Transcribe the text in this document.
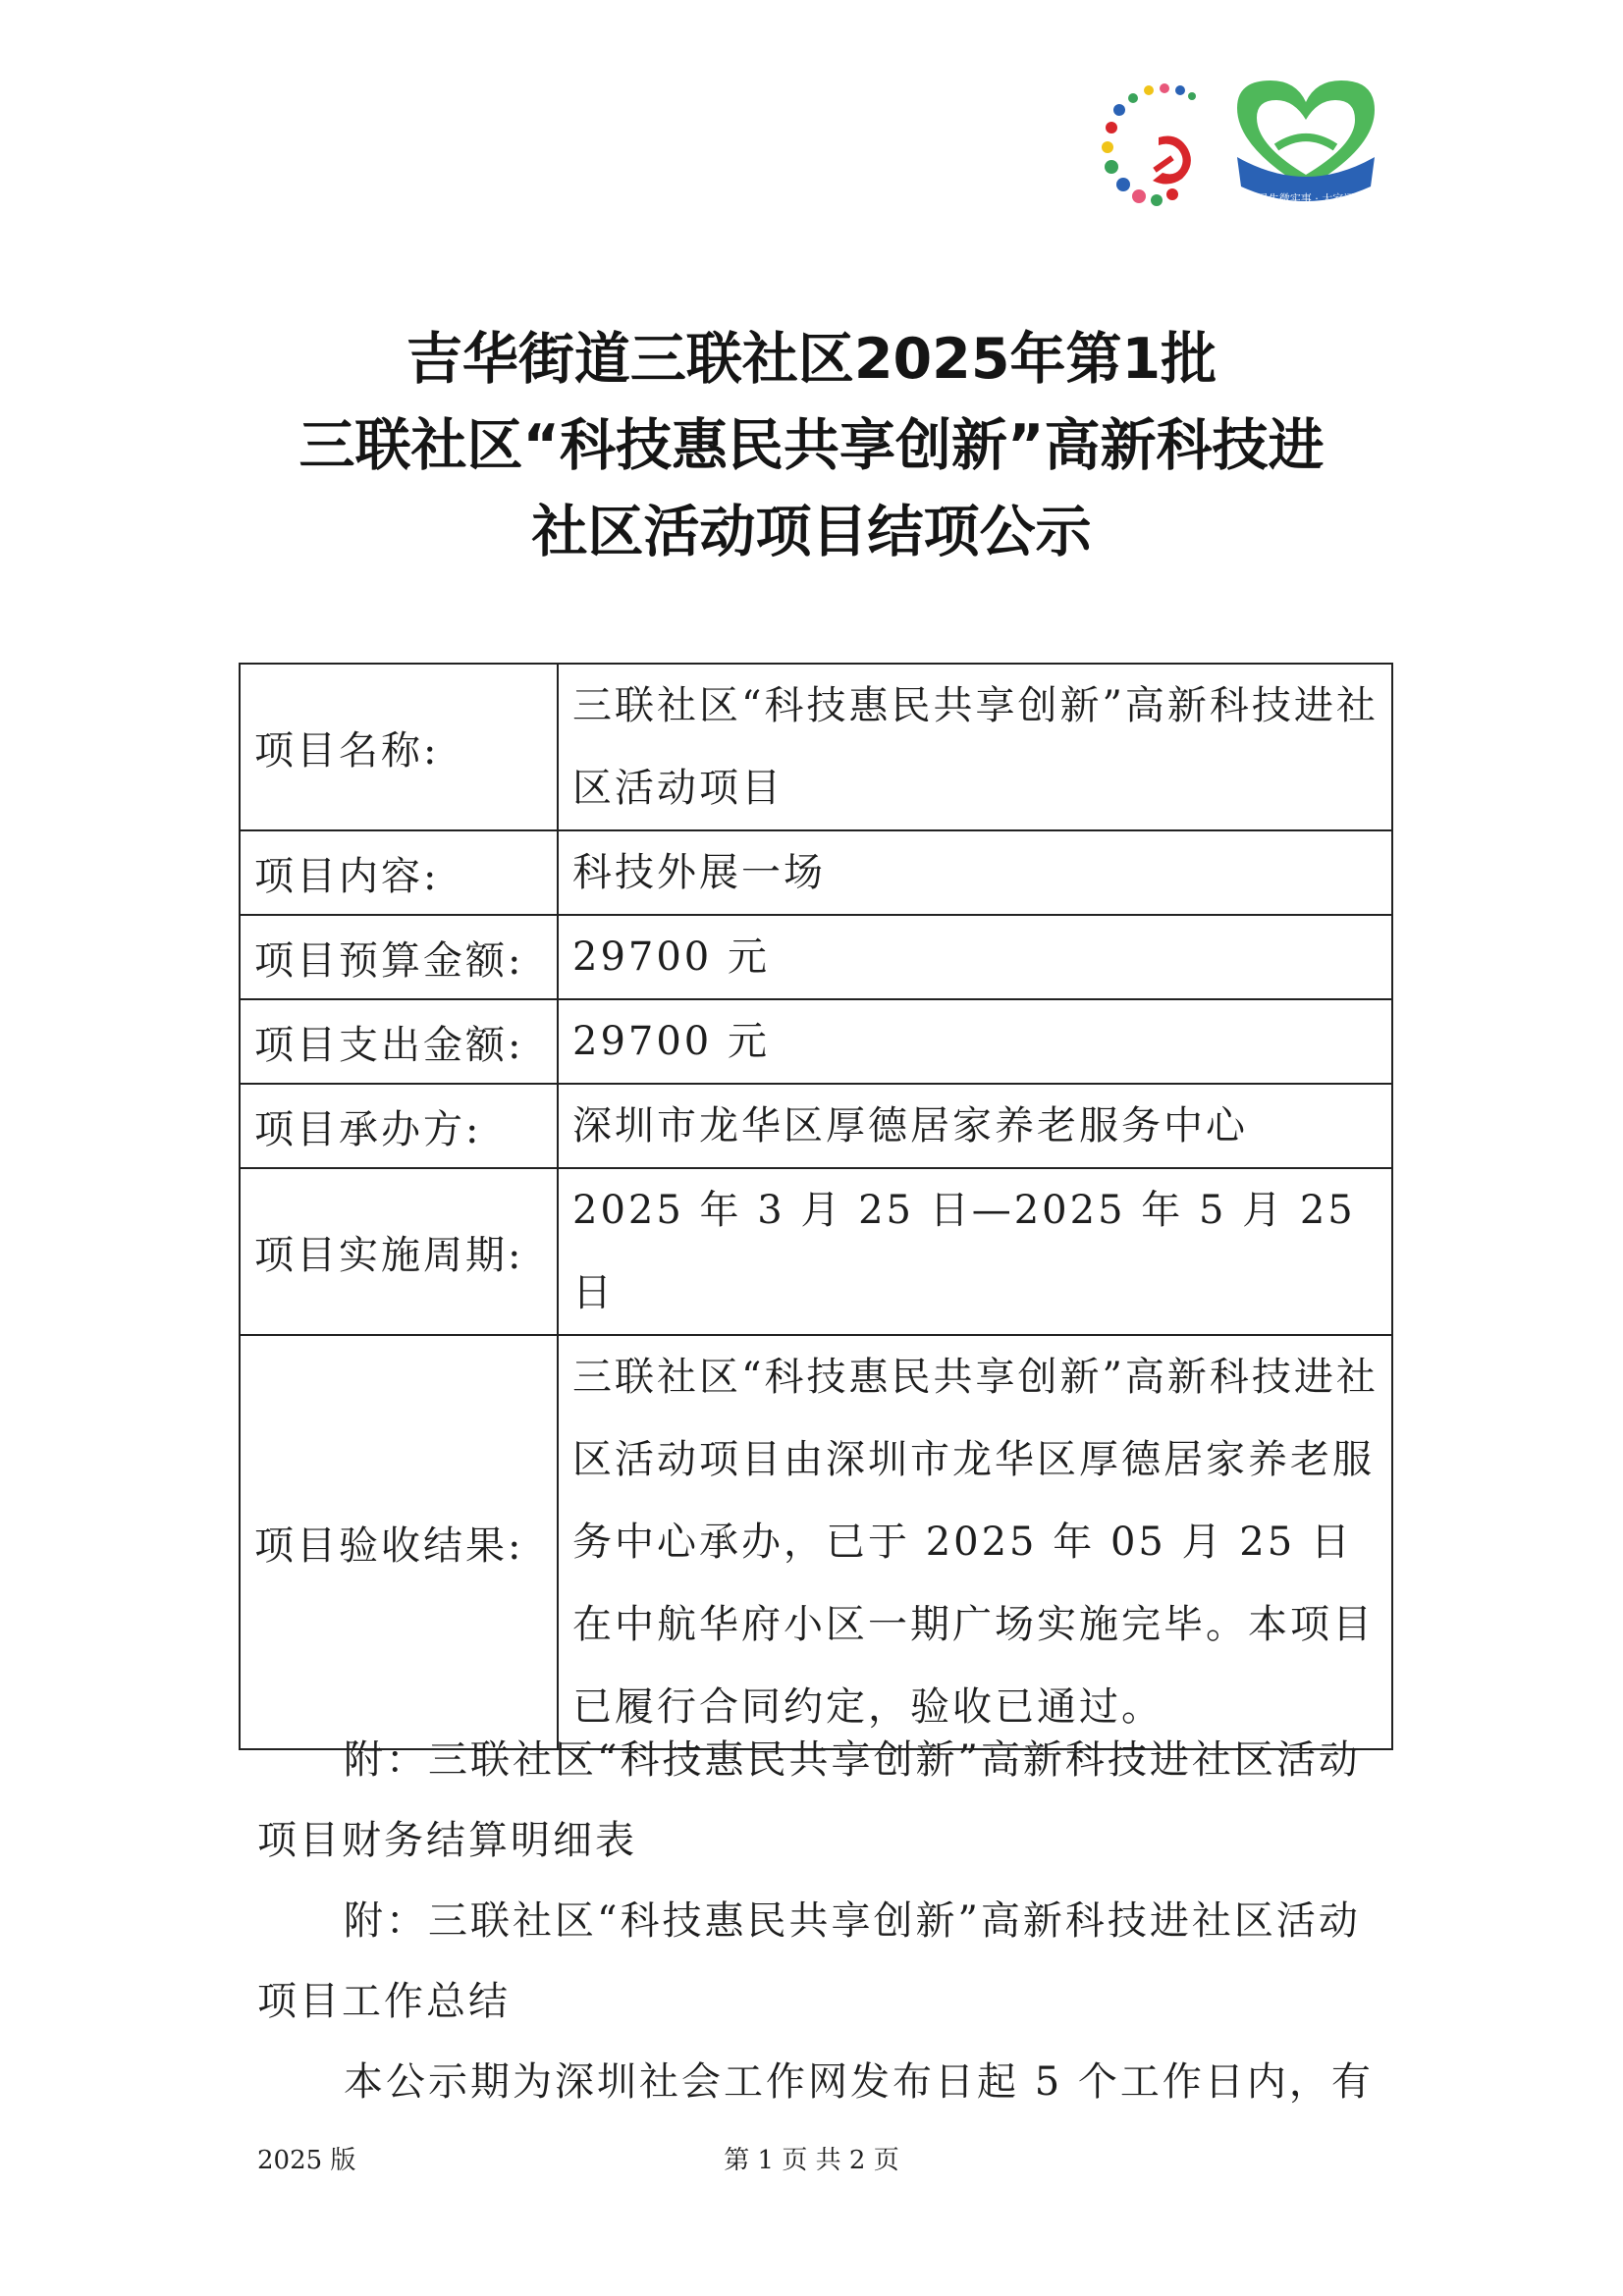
民生微实事 · 大家评
吉华街道三联社区2025年第1批
三联社区“科技惠民共享创新”高新科技进
社区活动项目结项公示
项目名称:	三联社区“科技惠民共享创新”高新科技进社区活动项目
项目内容:	科技外展一场
项目预算金额:	29700 元
项目支出金额:	29700 元
项目承办方:	深圳市龙华区厚德居家养老服务中心
项目实施周期:	2025 年 3 月 25 日—2025 年 5 月 25 日
项目验收结果:	三联社区“科技惠民共享创新”高新科技进社区活动项目由深圳市龙华区厚德居家养老服务中心承办，已于 2025 年 05 月 25 日在中航华府小区一期广场实施完毕。本项目已履行合同约定，验收已通过。
附：三联社区“科技惠民共享创新”高新科技进社区活动项目财务结算明细表
附：三联社区“科技惠民共享创新”高新科技进社区活动项目工作总结
本公示期为深圳社会工作网发布日起 5 个工作日内，有
2025 版	第 1 页 共 2 页
